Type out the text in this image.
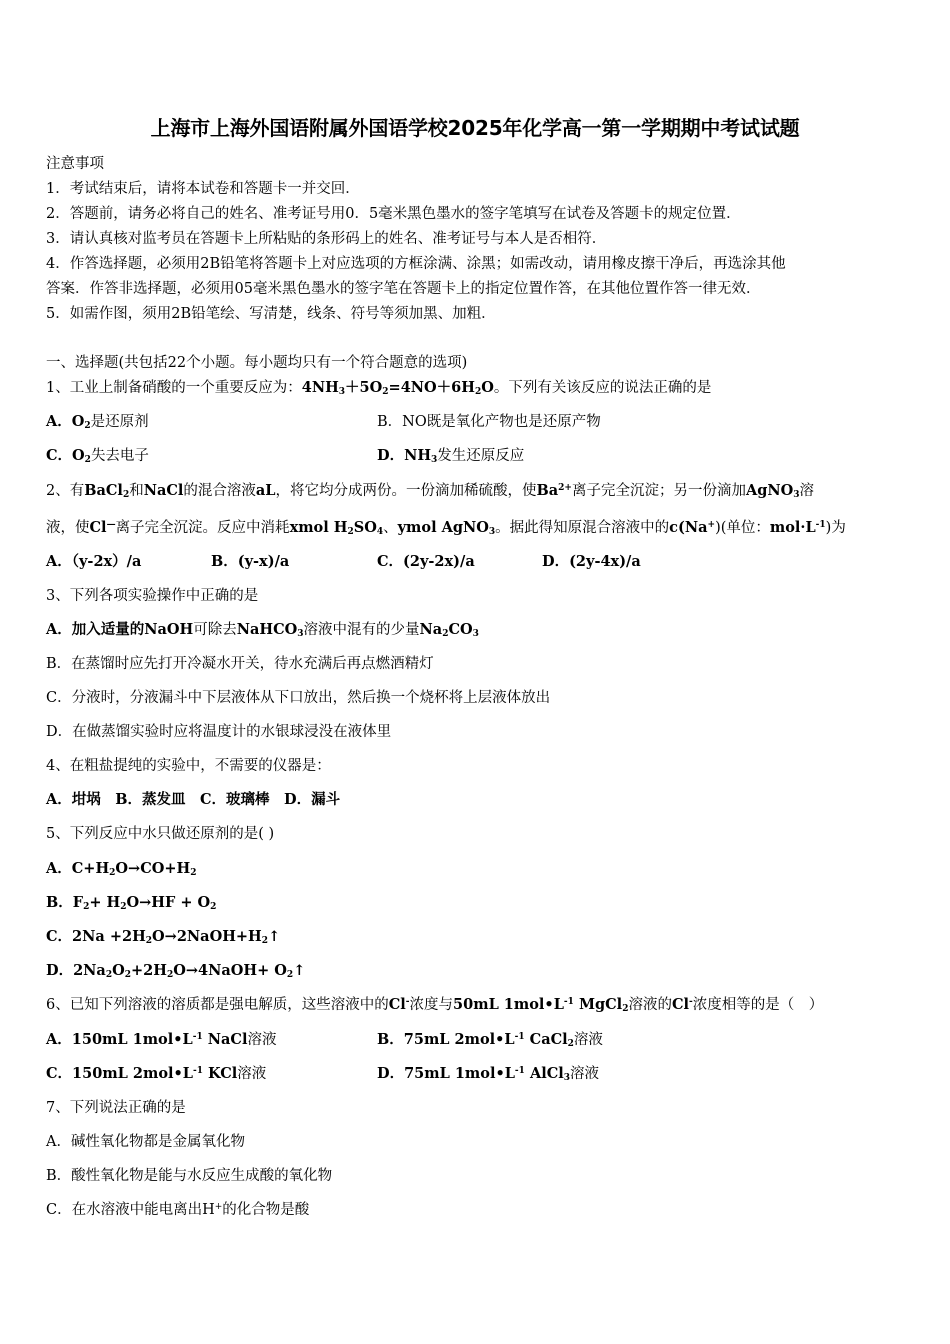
上海市上海外国语附属外国语学校2025年化学高一第一学期期中考试试题
注意事项
1．考试结束后，请将本试卷和答题卡一并交回．
2．答题前，请务必将自己的姓名、准考证号用0．5毫米黑色墨水的签字笔填写在试卷及答题卡的规定位置．
3．请认真核对监考员在答题卡上所粘贴的条形码上的姓名、准考证号与本人是否相符．
4．作答选择题，必须用2B铅笔将答题卡上对应选项的方框涂满、涂黑；如需改动，请用橡皮擦干净后，再选涂其他
答案．作答非选择题，必须用05毫米黑色墨水的签字笔在答题卡上的指定位置作答，在其他位置作答一律无效．
5．如需作图，须用2B铅笔绘、写清楚，线条、符号等须加黑、加粗．
一、选择题(共包括22个小题。每小题均只有一个符合题意的选项)
1、工业上制备硝酸的一个重要反应为：$4NH_3+5O_2=4NO+6H_2O$。下列有关该反应的说法正确的是
A．$O_2$是还原剂	B．NO既是氧化产物也是还原产物
C．$O_2$失去电子	D．$NH_3$发生还原反应
2、有BaCl$_2$和NaCl的混合溶液aL，将它均分成两份。一份滴加稀硫酸，使$Ba^{2+}$离子完全沉淀；另一份滴加AgNO$_3$溶
液，使Cl—离子完全沉淀。反应中消耗xmol $H_2SO_4$、ymol AgNO$_3$。据此得知原混合溶液中的c(Na+)(单位：$mol\cdot L^{-1}$)为
A．（y-2x）/a	B．(y-x)/a	C．(2y-2x)/a	D．(2y-4x)/a
3、下列各项实验操作中正确的是
A．加入适量的NaOH可除去NaHCO$_3$溶液中混有的少量$Na_2CO_3$
B．在蒸馏时应先打开冷凝水开关，待水充满后再点燃酒精灯
C．分液时，分液漏斗中下层液体从下口放出，然后换一个烧杯将上层液体放出
D．在做蒸馏实验时应将温度计的水银球浸没在液体里
4、在粗盐提纯的实验中，不需要的仪器是：
A．坩埚　B．蒸发皿　C．玻璃棒　D．漏斗
5、下列反应中水只做还原剂的是( )
A．$C+H_2O\to CO+H_2$
B．$F_2+ H_2O\to HF + O_2$
C．$2Na +2H_2O\to 2NaOH+H_2↑$
D．$2Na_2O_2+2H_2O\to 4NaOH+$ $O_2↑$
6、已知下列溶液的溶质都是强电解质，这些溶液中的Cl-浓度与50mL $1mol•L^{-1}$ MgCl$_2$溶液的Cl-浓度相等的是（　）
A．150mL $1mol•L^{-1}$ NaCl溶液	B．75mL $2mol•L^{-1}$ CaCl$_2$溶液
C．150mL $2mol•L^{-1}$ KCl溶液	D．75mL $1mol•L^{-1}$ AlCl$_3$溶液
7、下列说法正确的是
A．碱性氧化物都是金属氧化物
B．酸性氧化物是能与水反应生成酸的氧化物
C．在水溶液中能电离出H+的化合物是酸
